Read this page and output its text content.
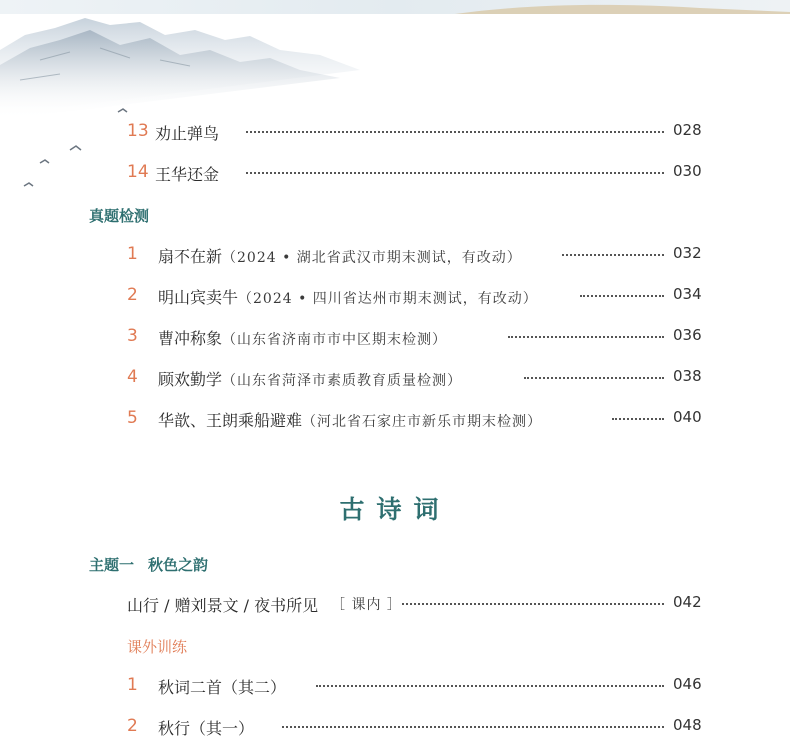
13 劝止弹鸟	028
14 王华还金	030
真题检测
1 扇不在新（2024 • 湖北省武汉市期末测试，有改动）	032
2 明山宾卖牛（2024 • 四川省达州市期末测试，有改动）	034
3 曹冲称象（山东省济南市市中区期末检测）	036
4 顾欢勤学（山东省菏泽市素质教育质量检测）	038
5 华歆、王朗乘船避难（河北省石家庄市新乐市期末检测）	040
古诗词
主题一 秋色之韵
山行 / 赠刘景文 / 夜书所见 ［ 课内 ］	042
课外训练
1 秋词二首（其二）	046
2 秋行（其一）	048
